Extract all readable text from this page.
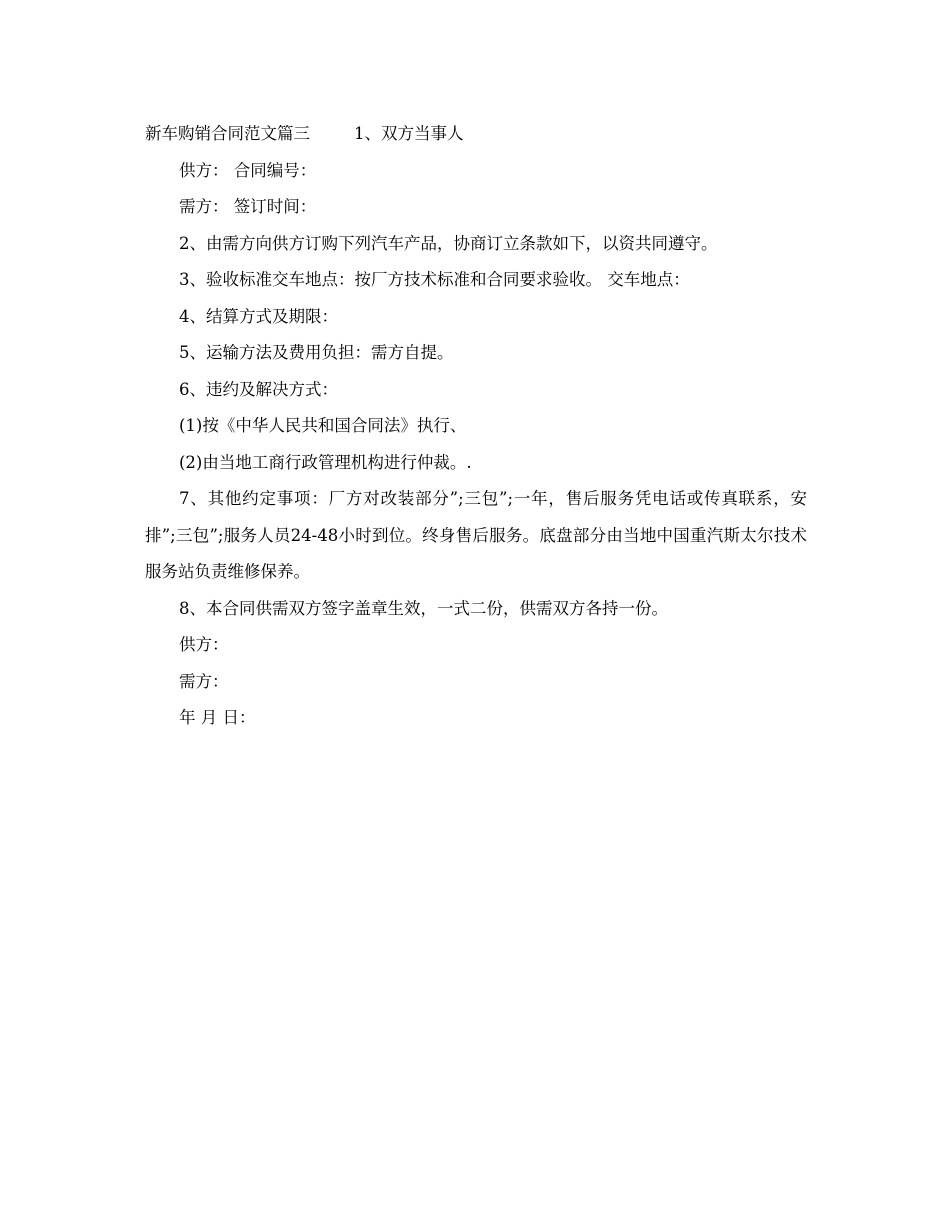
新车购销合同范文篇三	1、双方当事人

供方： 合同编号：

需方： 签订时间：

2、由需方向供方订购下列汽车产品，协商订立条款如下，以资共同遵守。

3、验收标准交车地点：按厂方技术标准和合同要求验收。 交车地点：

4、结算方式及期限：

5、运输方法及费用负担：需方自提。

6、违约及解决方式：

(1)按《中华人民共和国合同法》执行、

(2)由当地工商行政管理机构进行仲裁。.

7、其他约定事项：厂方对改装部分”;三包”;一年，售后服务凭电话或传真联系，安排”;三包”;服务人员24-48小时到位。终身售后服务。底盘部分由当地中国重汽斯太尔技术服务站负责维修保养。

8、本合同供需双方签字盖章生效，一式二份，供需双方各持一份。

供方：

需方：

年 月 日：
